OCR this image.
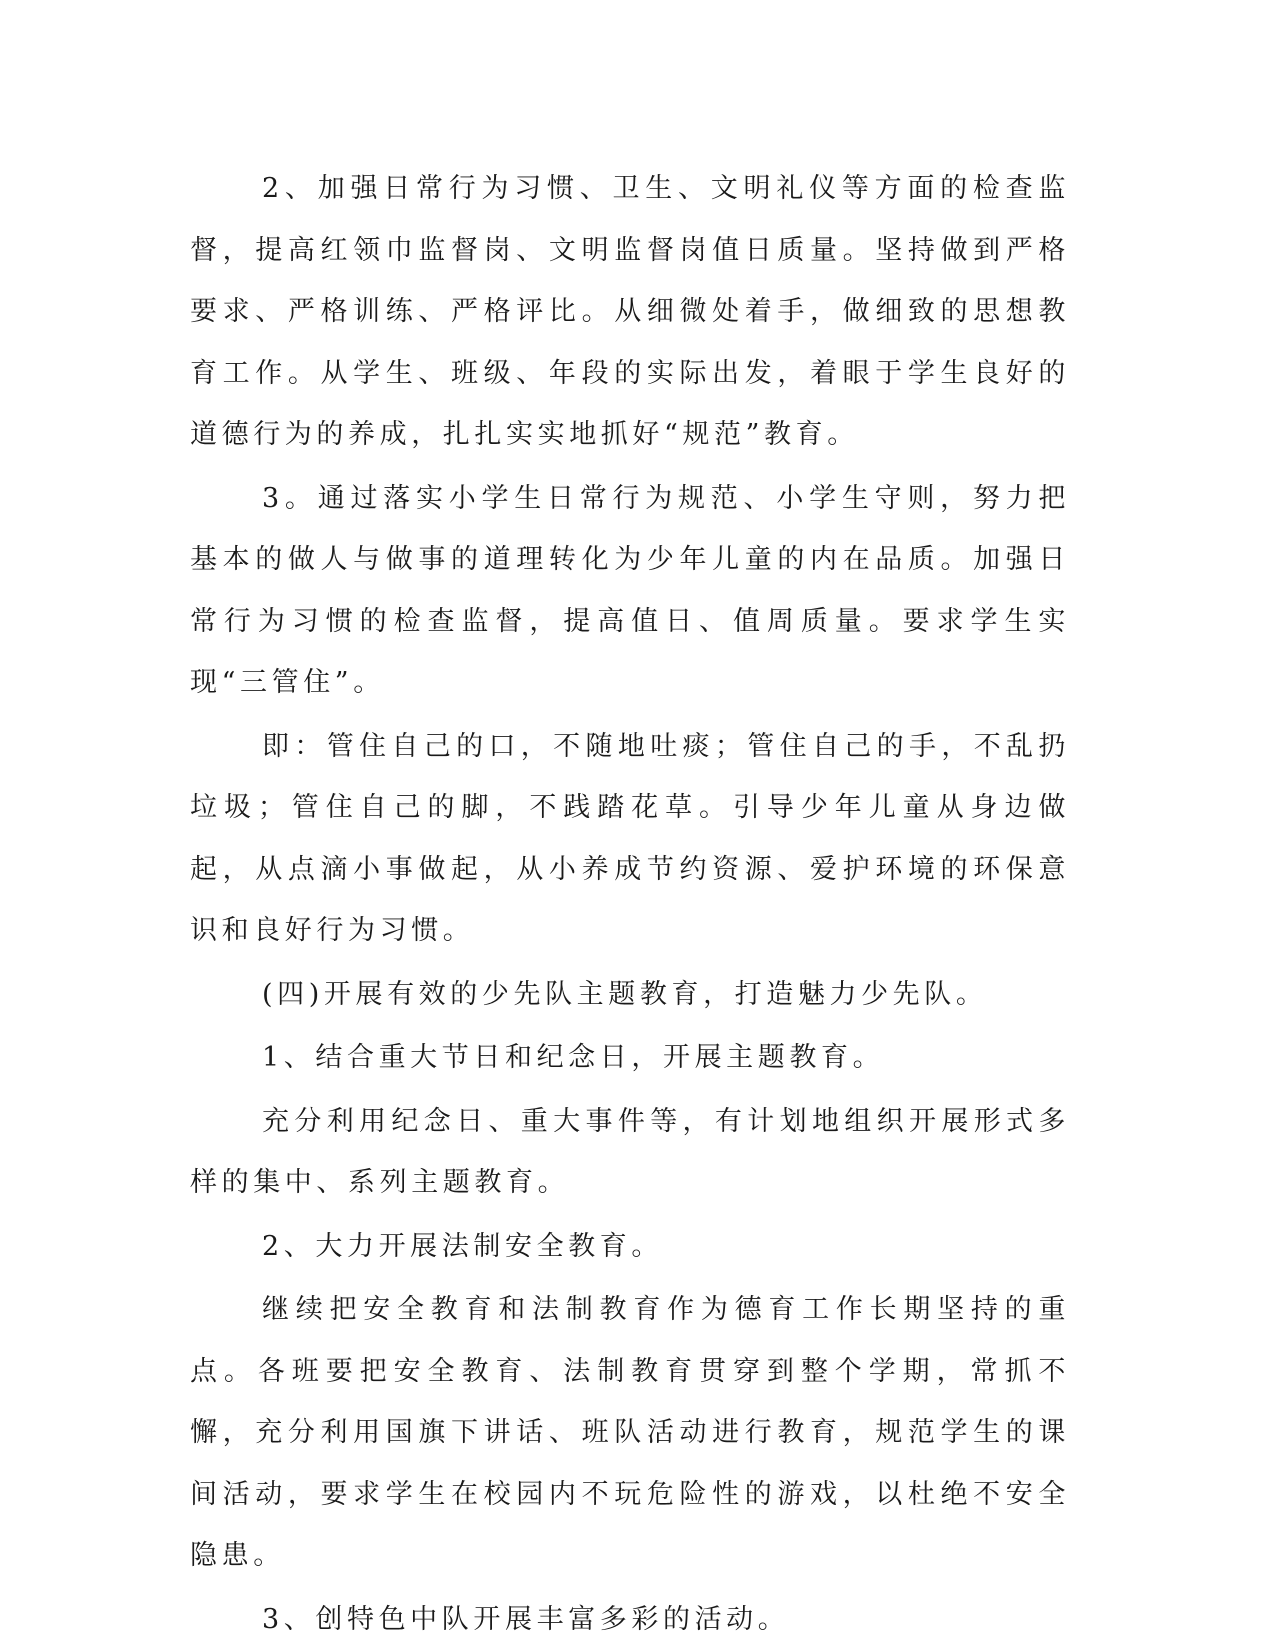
2、加强日常行为习惯、卫生、文明礼仪等方面的检查监督，提高红领巾监督岗、文明监督岗值日质量。坚持做到严格要求、严格训练、严格评比。从细微处着手，做细致的思想教育工作。从学生、班级、年段的实际出发，着眼于学生良好的道德行为的养成，扎扎实实地抓好“规范”教育。

3。通过落实小学生日常行为规范、小学生守则，努力把基本的做人与做事的道理转化为少年儿童的内在品质。加强日常行为习惯的检查监督，提高值日、值周质量。要求学生实现“三管住”。

即：管住自己的口，不随地吐痰；管住自己的手，不乱扔垃圾；管住自己的脚，不践踏花草。引导少年儿童从身边做起，从点滴小事做起，从小养成节约资源、爱护环境的环保意识和良好行为习惯。

(四)开展有效的少先队主题教育，打造魅力少先队。

1、结合重大节日和纪念日，开展主题教育。

充分利用纪念日、重大事件等，有计划地组织开展形式多样的集中、系列主题教育。

2、大力开展法制安全教育。

继续把安全教育和法制教育作为德育工作长期坚持的重点。各班要把安全教育、法制教育贯穿到整个学期，常抓不懈，充分利用国旗下讲话、班队活动进行教育，规范学生的课间活动，要求学生在校园内不玩危险性的游戏，以杜绝不安全隐患。

3、创特色中队开展丰富多彩的活动。
